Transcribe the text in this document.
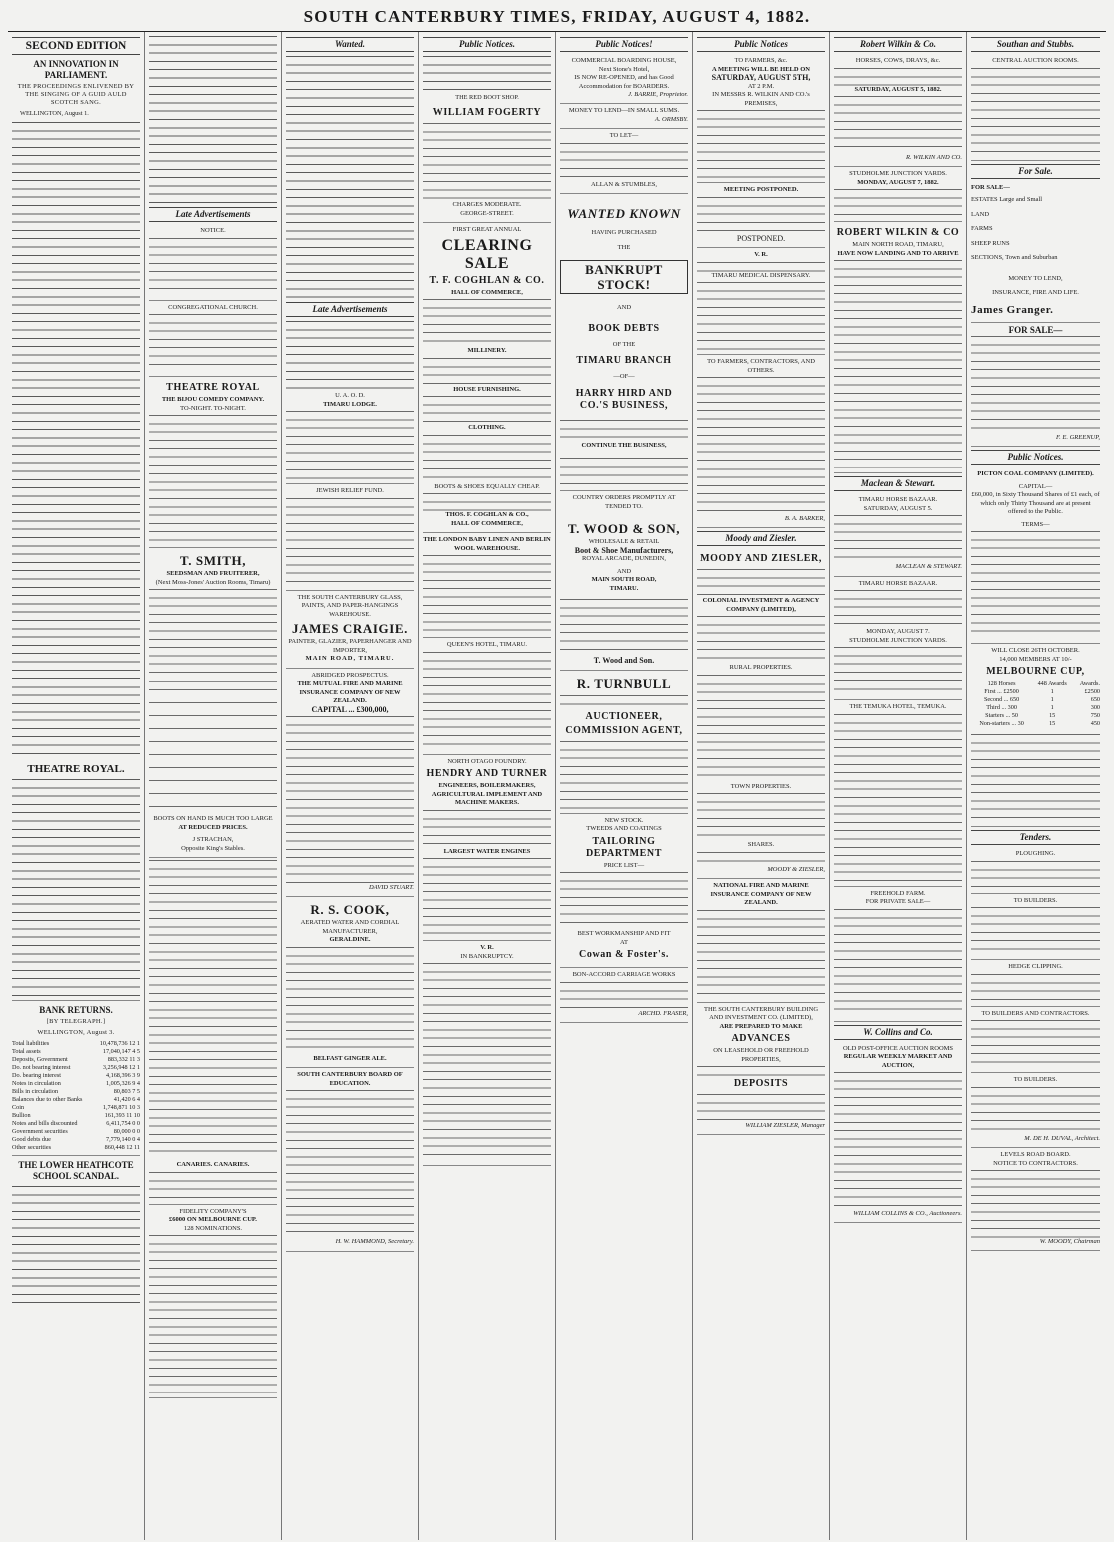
SOUTH CANTERBURY TIMES, FRIDAY, AUGUST 4, 1882.
SECOND EDITION
AN INNOVATION IN PARLIAMENT.
THE PROCEEDINGS ENLIVENED BY THE SINGING OF A GUID AULD SCOTCH SANG.
WELLINGTON, August 1.
THEATRE ROYAL.
BANK RETURNS.
[BY TELEGRAPH.]
WELLINGTON, August 3.
Total liabilities	10,478,736 12 1
Total assets	17,040,147 4 5
Deposits, Government	883,332 11 3
Do. not bearing interest	3,256,948 12 1
Do. bearing interest	4,168,396 3 9
Notes in circulation	1,005,326 9 4
Bills in circulation	80,803 7 5
Balances due to other Banks	41,420 6 4
Coin	1,748,871 10 3
Bullion	161,393 11 10
Notes and bills discounted	6,411,754 0 0
Government securities	80,000 0 0
Good debts due	7,779,140 0 4
Other securities	860,448 12 11
THE LOWER HEATHCOTE SCHOOL SCANDAL.
Late Advertisements
NOTICE.
CONGREGATIONAL CHURCH.
THEATRE ROYAL
THE BIJOU COMEDY COMPANY.
TO-NIGHT. TO-NIGHT.
T. SMITH,
SEEDSMAN AND FRUITERER,
(Next Moss-Jones' Auction Rooms, Timaru)
BOOTS ON HAND IS MUCH TOO LARGE
AT REDUCED PRICES.
J STRACHAN,
Opposite King's Stables.
CANARIES. CANARIES.
FIDELITY COMPANY'S
£6000 ON MELBOURNE CUP.
128 NOMINATIONS.
Wanted.
Late Advertisements
U. A. O. D.
TIMARU LODGE.
JEWISH RELIEF FUND.
THE SOUTH CANTERBURY GLASS, PAINTS, AND PAPER-HANGINGS WAREHOUSE.
JAMES CRAIGIE.
PAINTER, GLAZIER, PAPERHANGER AND IMPORTER,
MAIN ROAD, TIMARU.
ABRIDGED PROSPECTUS.
THE MUTUAL FIRE AND MARINE INSURANCE COMPANY OF NEW ZEALAND.
CAPITAL ... £300,000,
DAVID STUART.
R. S. COOK,
AERATED WATER AND CORDIAL MANUFACTURER,
GERALDINE.
BELFAST GINGER ALE.
SOUTH CANTERBURY BOARD OF EDUCATION.
H. W. HAMMOND, Secretary.
Public Notices.
THE RED BOOT SHOP.
WILLIAM FOGERTY
CHARGES MODERATE.
GEORGE-STREET.
FIRST GREAT ANNUAL
CLEARING SALE
T. F. COGHLAN & CO.
HALL OF COMMERCE,
MILLINERY.
HOUSE FURNISHING.
CLOTHING.
BOOTS & SHOES EQUALLY CHEAP.
THOS. F. COGHLAN & CO.,
HALL OF COMMERCE,
THE LONDON BABY LINEN AND BERLIN WOOL WAREHOUSE.
QUEEN'S HOTEL, TIMARU.
NORTH OTAGO FOUNDRY.
HENDRY AND TURNER
ENGINEERS, BOILERMAKERS, AGRICULTURAL IMPLEMENT AND MACHINE MAKERS.
LARGEST WATER ENGINES
V. R.
IN BANKRUPTCY.
Public Notices!
COMMERCIAL BOARDING HOUSE,
Next Stone's Hotel,
IS NOW RE-OPENED, and has Good Accommodation for BOARDERS.
J. BARRIE, Proprietor.
MONEY TO LEND—IN SMALL SUMS.
A. ORMSBY.
TO LET—
ALLAN & STUMBLES,
WANTED KNOWN
HAVING PURCHASED
THE
BANKRUPT STOCK!
AND
BOOK DEBTS
OF THE
TIMARU BRANCH
—OF—
HARRY HIRD AND CO.'S BUSINESS,
CONTINUE THE BUSINESS,
COUNTRY ORDERS PROMPTLY AT TENDED TO.
T. WOOD & SON,
WHOLESALE & RETAIL
Boot & Shoe Manufacturers,
ROYAL ARCADE, DUNEDIN,
AND
MAIN SOUTH ROAD,
TIMARU.
T. Wood and Son.
R. TURNBULL
AUCTIONEER,
COMMISSION AGENT,
NEW STOCK.
TWEEDS AND COATINGS
TAILORING DEPARTMENT
PRICE LIST—
BEST WORKMANSHIP AND FIT
AT
Cowan & Foster's.
BON-ACCORD CARRIAGE WORKS
ARCHD. FRASER,
Public Notices
TO FARMERS, &c.
A MEETING WILL BE HELD ON
SATURDAY, AUGUST 5TH,
AT 2 P.M.
IN MESSRS R. WILKIN AND CO.'s PREMISES,
MEETING POSTPONED.
POSTPONED.
V. R.
TIMARU MEDICAL DISPENSARY.
TO FARMERS, CONTRACTORS, AND OTHERS.
B. A. BARKER,
Moody and Ziesler.
MOODY AND ZIESLER,
COLONIAL INVESTMENT & AGENCY COMPANY (LIMITED),
RURAL PROPERTIES.
TOWN PROPERTIES.
SHARES.
MOODY & ZIESLER,
NATIONAL FIRE AND MARINE INSURANCE COMPANY OF NEW ZEALAND.
THE SOUTH CANTERBURY BUILDING AND INVESTMENT CO. (LIMITED),
ARE PREPARED TO MAKE
ADVANCES
ON LEASEHOLD OR FREEHOLD PROPERTIES,
DEPOSITS
WILLIAM ZIESLER, Manager
Robert Wilkin & Co.
HORSES, COWS, DRAYS, &c.
SATURDAY, AUGUST 5, 1882.
R. WILKIN AND CO.
STUDHOLME JUNCTION YARDS.
MONDAY, AUGUST 7, 1882.
ROBERT WILKIN & CO
MAIN NORTH ROAD, TIMARU,
HAVE NOW LANDING AND TO ARRIVE
Maclean & Stewart.
TIMARU HORSE BAZAAR.
SATURDAY, AUGUST 5.
MACLEAN & STEWART.
TIMARU HORSE BAZAAR.
MONDAY, AUGUST 7.
STUDHOLME JUNCTION YARDS.
THE TEMUKA HOTEL, TEMUKA.
FREEHOLD FARM.
FOR PRIVATE SALE—
W. Collins and Co.
OLD POST-OFFICE AUCTION ROOMS
REGULAR WEEKLY MARKET AND AUCTION,
WILLIAM COLLINS & CO., Auctioneers.
Southan and Stubbs.
CENTRAL AUCTION ROOMS.
For Sale.
FOR SALE—
ESTATES Large and Small
LAND
FARMS
SHEEP RUNS
SECTIONS, Town and Suburban
MONEY TO LEND,
INSURANCE, FIRE AND LIFE.
James Granger.
FOR SALE—
F. E. GREENUP,
Public Notices.
PICTON COAL COMPANY (LIMITED).
CAPITAL—
£60,000, in Sixty Thousand Shares of £1 each, of which only Thirty Thousand are at present offered to the Public.
TERMS—
WILL CLOSE 26TH OCTOBER.
14,000 MEMBERS AT 10/-
MELBOURNE CUP,
128 Horses	448 Awards	Awards.
First ... £2500	1	£2500
Second ... 650	1	650
Third ... 300	1	300
Starters ... 50	15	750
Non-starters ... 30	15	450
Tenders.
PLOUGHING.
TO BUILDERS.
HEDGE CLIPPING.
TO BUILDERS AND CONTRACTORS.
TO BUILDERS.
M. DE H. DUVAL, Architect.
LEVELS ROAD BOARD.
NOTICE TO CONTRACTORS.
W. MOODY, Chairman
